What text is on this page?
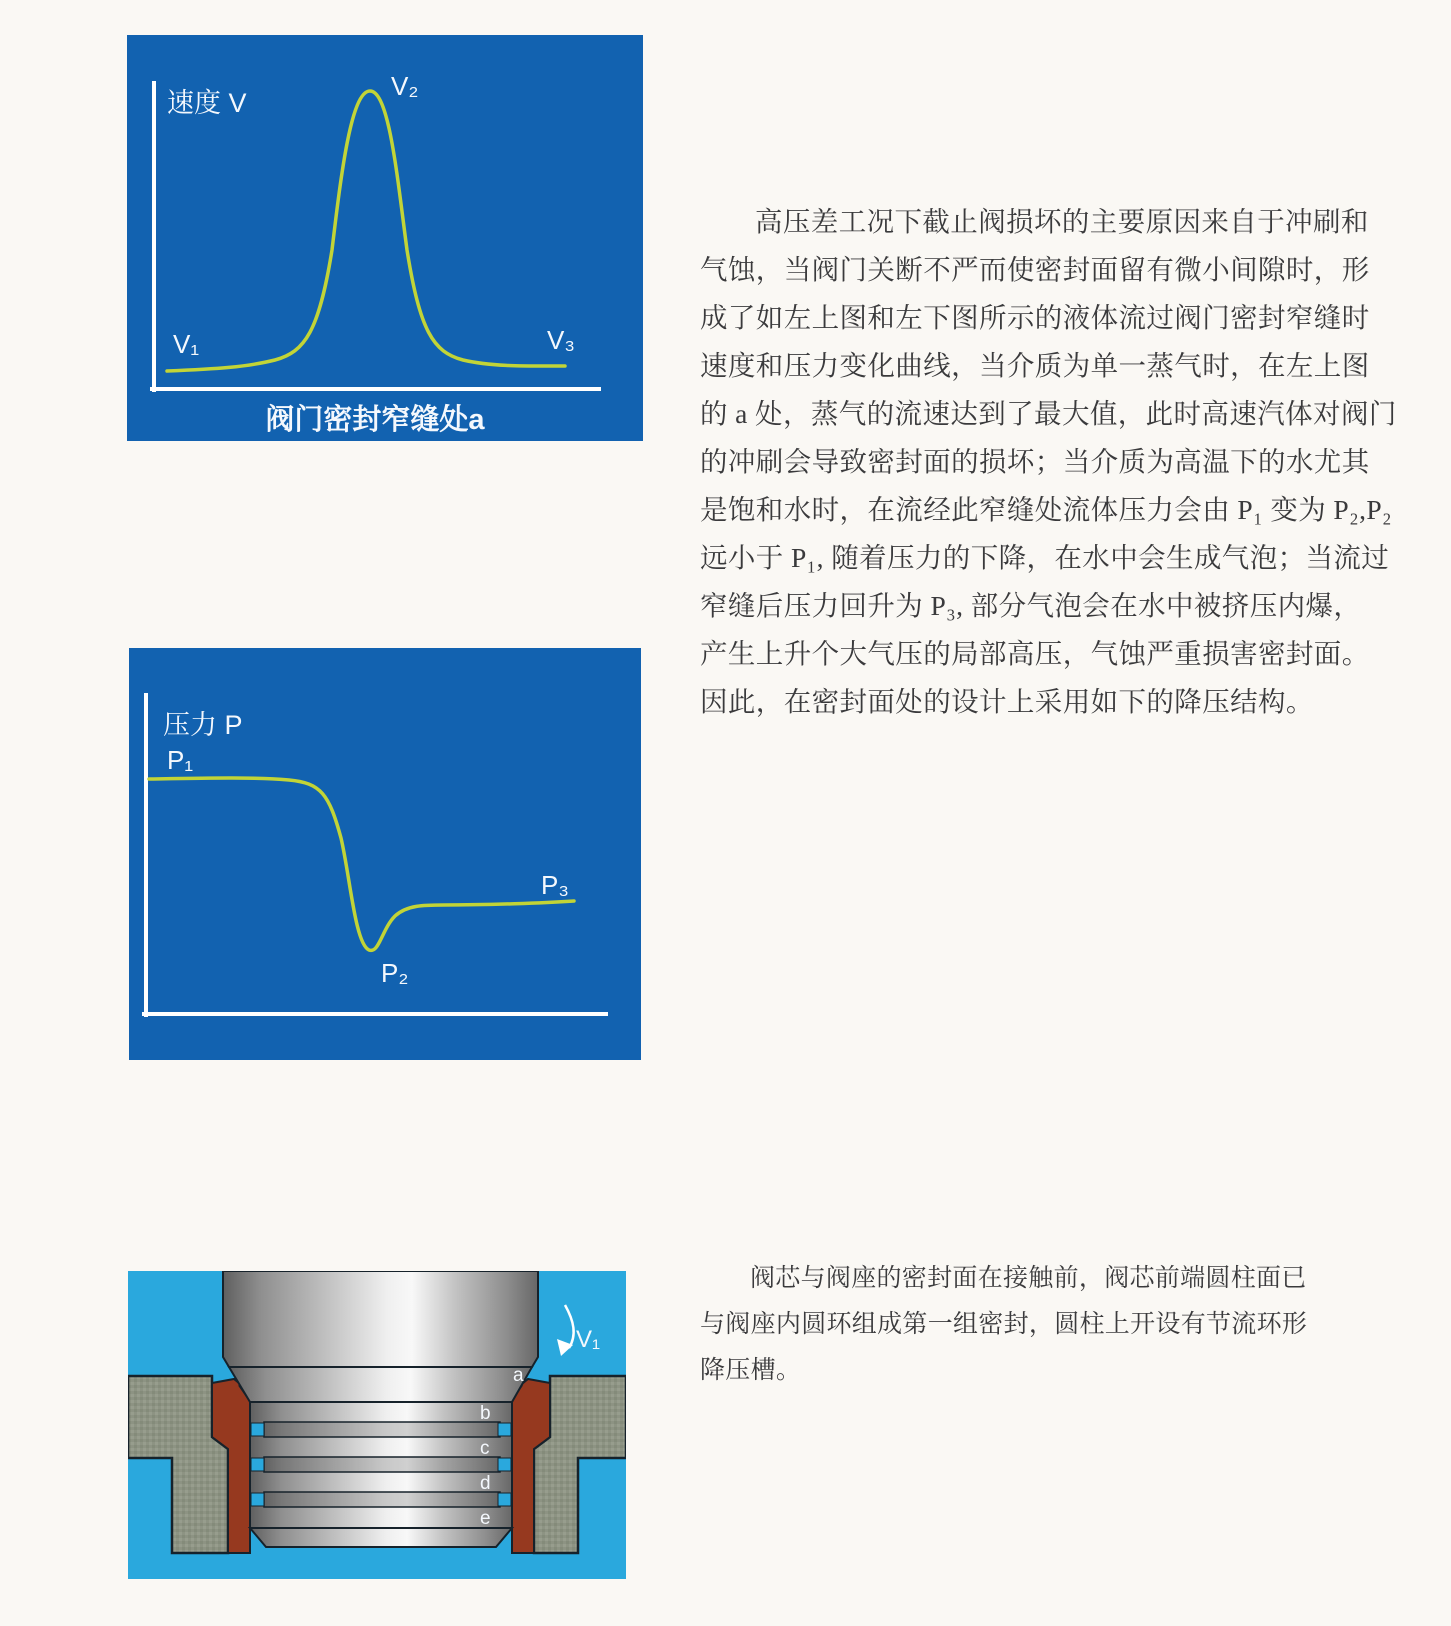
速度 V
V₁
V₂
V₃
阀门密封窄缝处a
压力 P
P₁
P₂
P₃
a
b
c
d
e
V₁
高压差工况下截止阀损坏的主要原因来自于冲刷和
气蚀，当阀门关断不严而使密封面留有微小间隙时，形
成了如左上图和左下图所示的液体流过阀门密封窄缝时
速度和压力变化曲线，当介质为单一蒸气时，在左上图
的 a 处，蒸气的流速达到了最大值，此时高速汽体对阀门
的冲刷会导致密封面的损坏；当介质为高温下的水尤其
是饱和水时，在流经此窄缝处流体压力会由 P₁ 变为 P₂,P₂
远小于 P₁, 随着压力的下降，在水中会生成气泡；当流过
窄缝后压力回升为 P₃, 部分气泡会在水中被挤压内爆，
产生上升个大气压的局部高压，气蚀严重损害密封面。
因此，在密封面处的设计上采用如下的降压结构。
阀芯与阀座的密封面在接触前，阀芯前端圆柱面已
与阀座内圆环组成第一组密封，圆柱上开设有节流环形
降压槽。
